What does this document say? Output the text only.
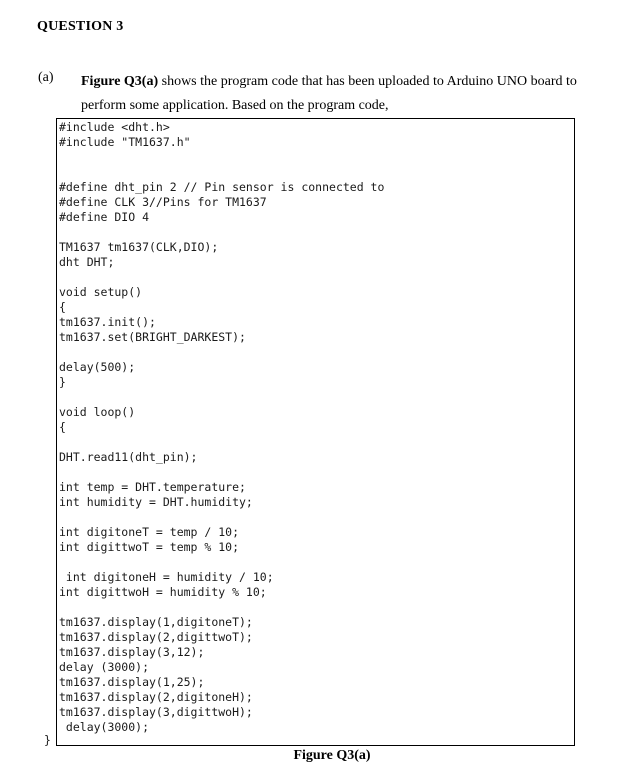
QUESTION 3
(a) Figure Q3(a) shows the program code that has been uploaded to Arduino UNO board to perform some application. Based on the program code,
#include <dht.h>
#include "TM1637.h"
#define dht_pin 2 // Pin sensor is connected to
#define CLK 3//Pins for TM1637
#define DIO 4
TM1637 tm1637(CLK,DIO);
dht DHT;
void setup()
{
tm1637.init();
tm1637.set(BRIGHT_DARKEST);
delay(500);
}
void loop()
{
DHT.read11(dht_pin);
int temp = DHT.temperature;
int humidity = DHT.humidity;
int digitoneT = temp / 10;
int digittwoT = temp % 10;
int digitoneH = humidity / 10;
int digittwoH = humidity % 10;
tm1637.display(1,digitoneT);
tm1637.display(2,digittwoT);
tm1637.display(3,12);
delay (3000);
tm1637.display(1,25);
tm1637.display(2,digitoneH);
tm1637.display(3,digittwoH);
delay(3000);
}
Figure Q3(a)
